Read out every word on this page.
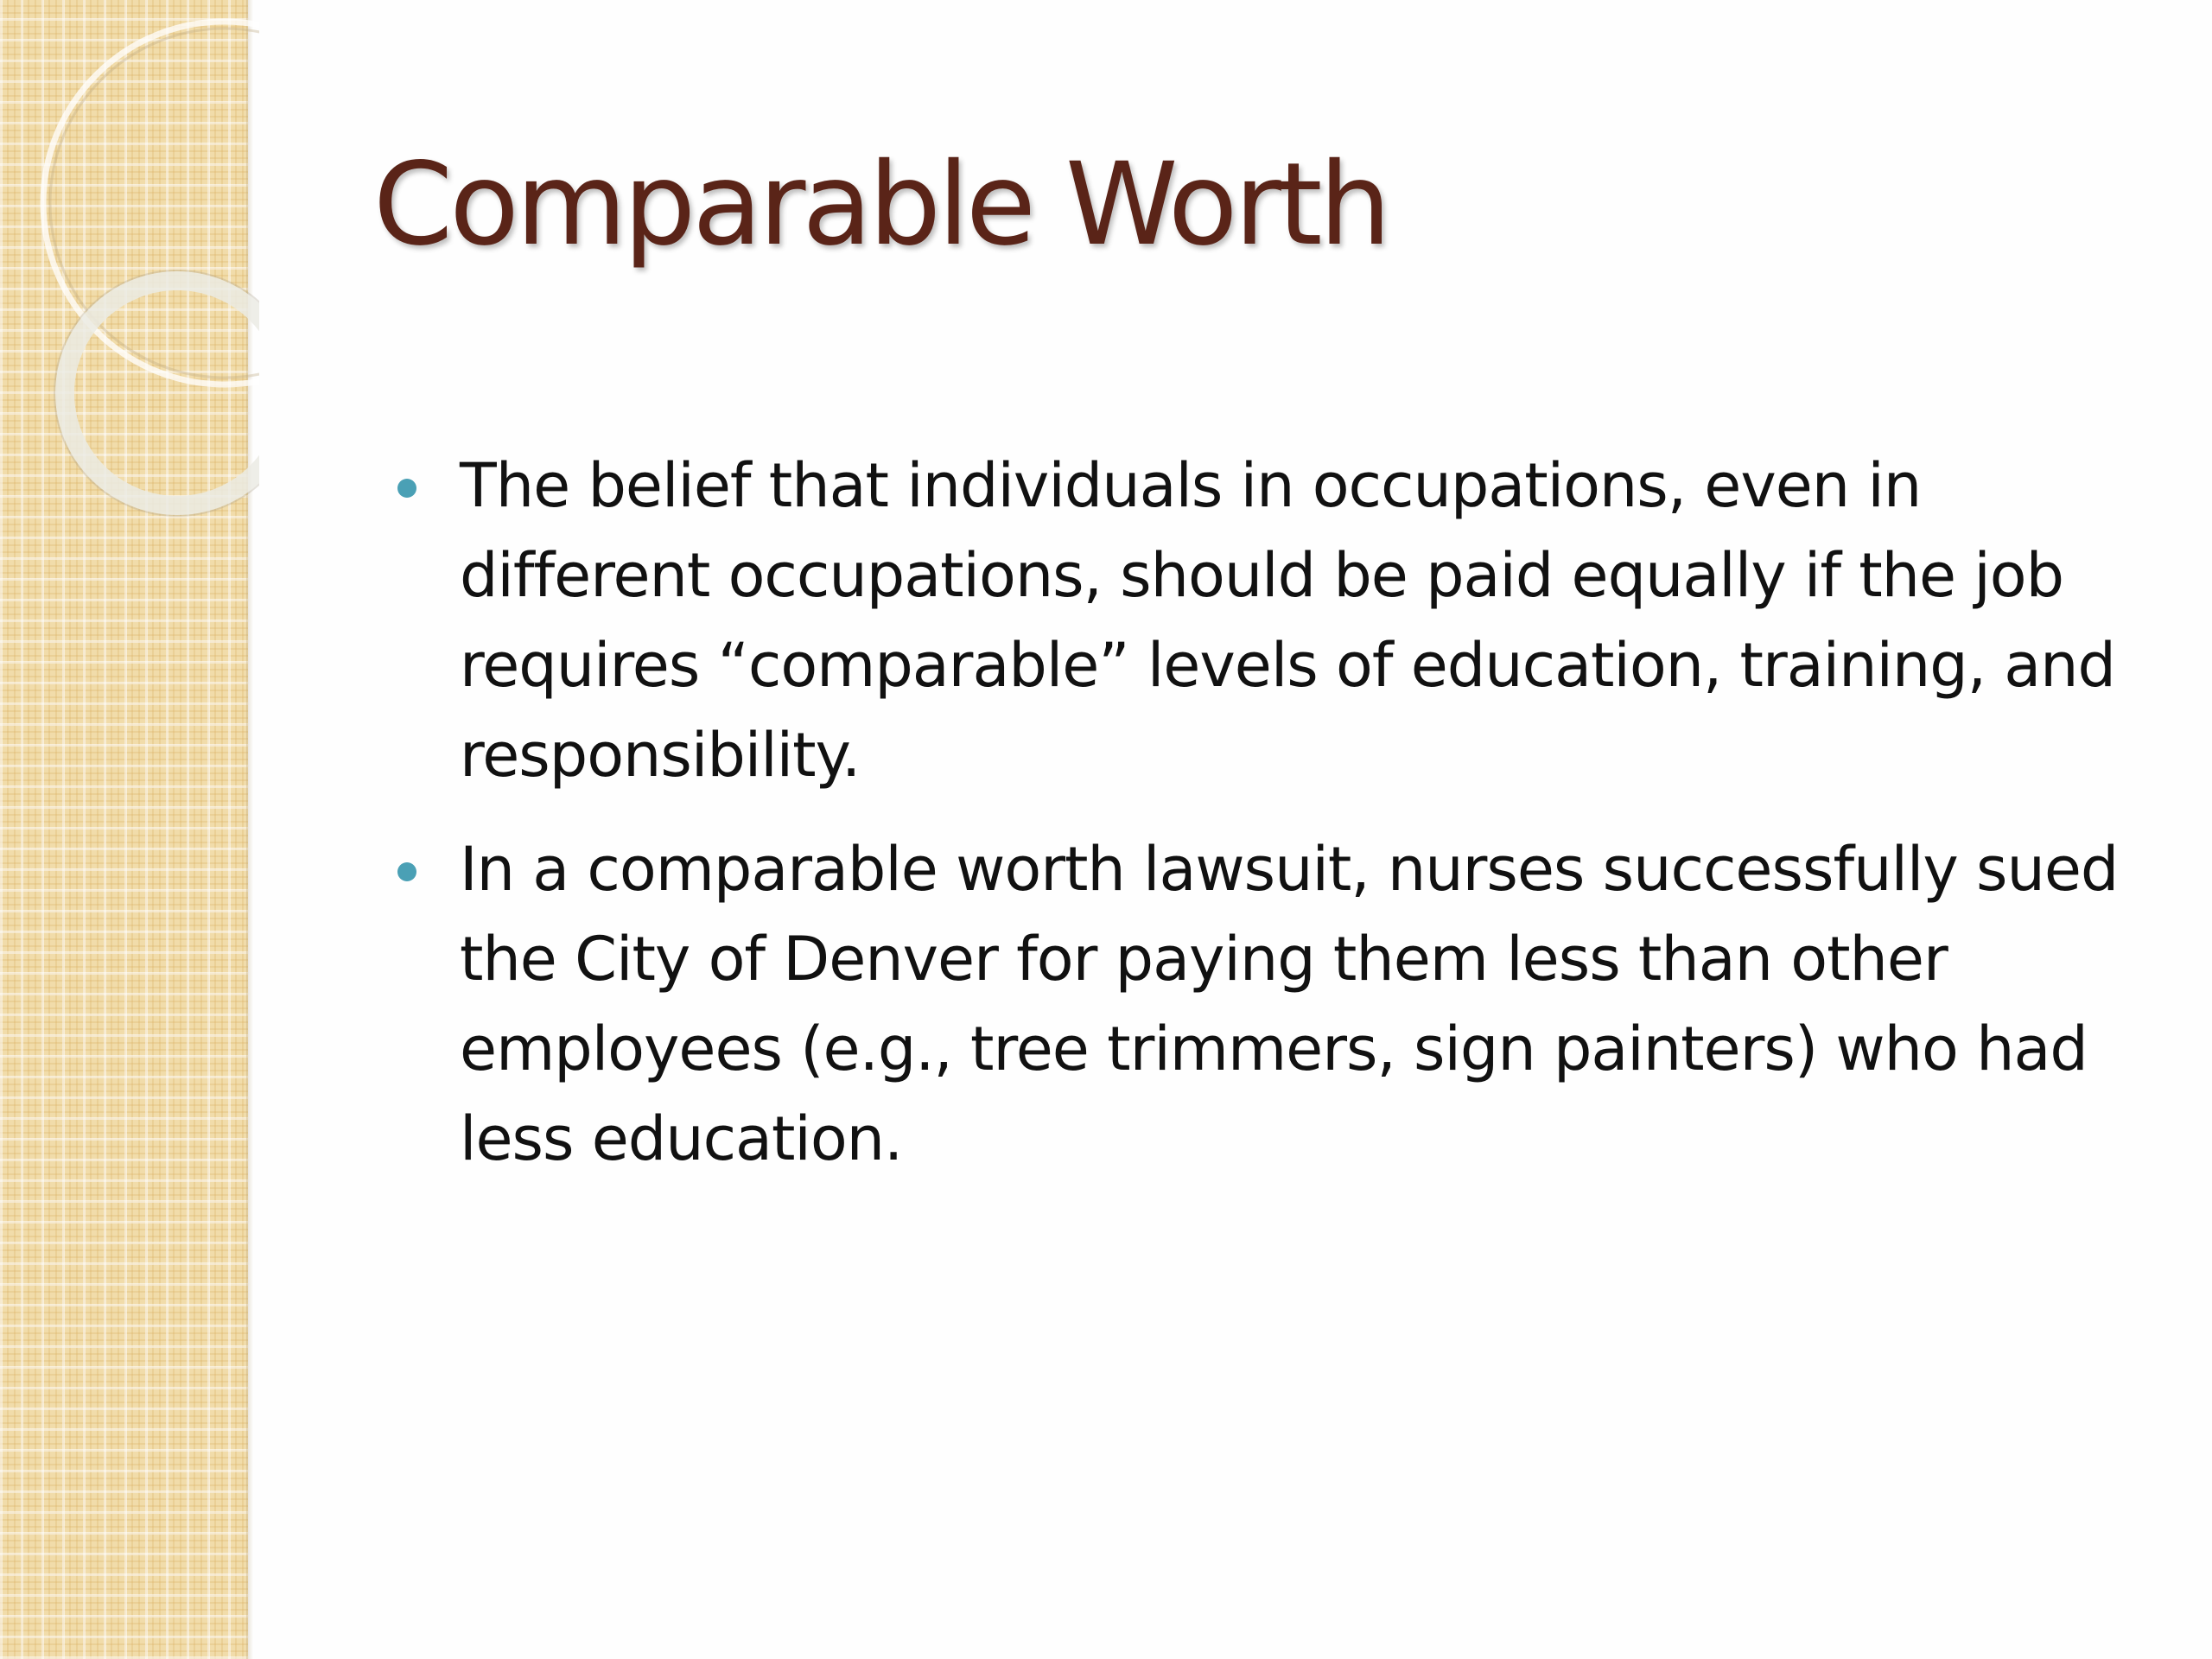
Comparable Worth
The belief that individuals in occupations, even in different occupations, should be paid equally if the job requires “comparable” levels of education, training, and responsibility.
In a comparable worth lawsuit, nurses successfully sued the City of Denver for paying them less than other employees (e.g., tree trimmers, sign painters) who had less education.
